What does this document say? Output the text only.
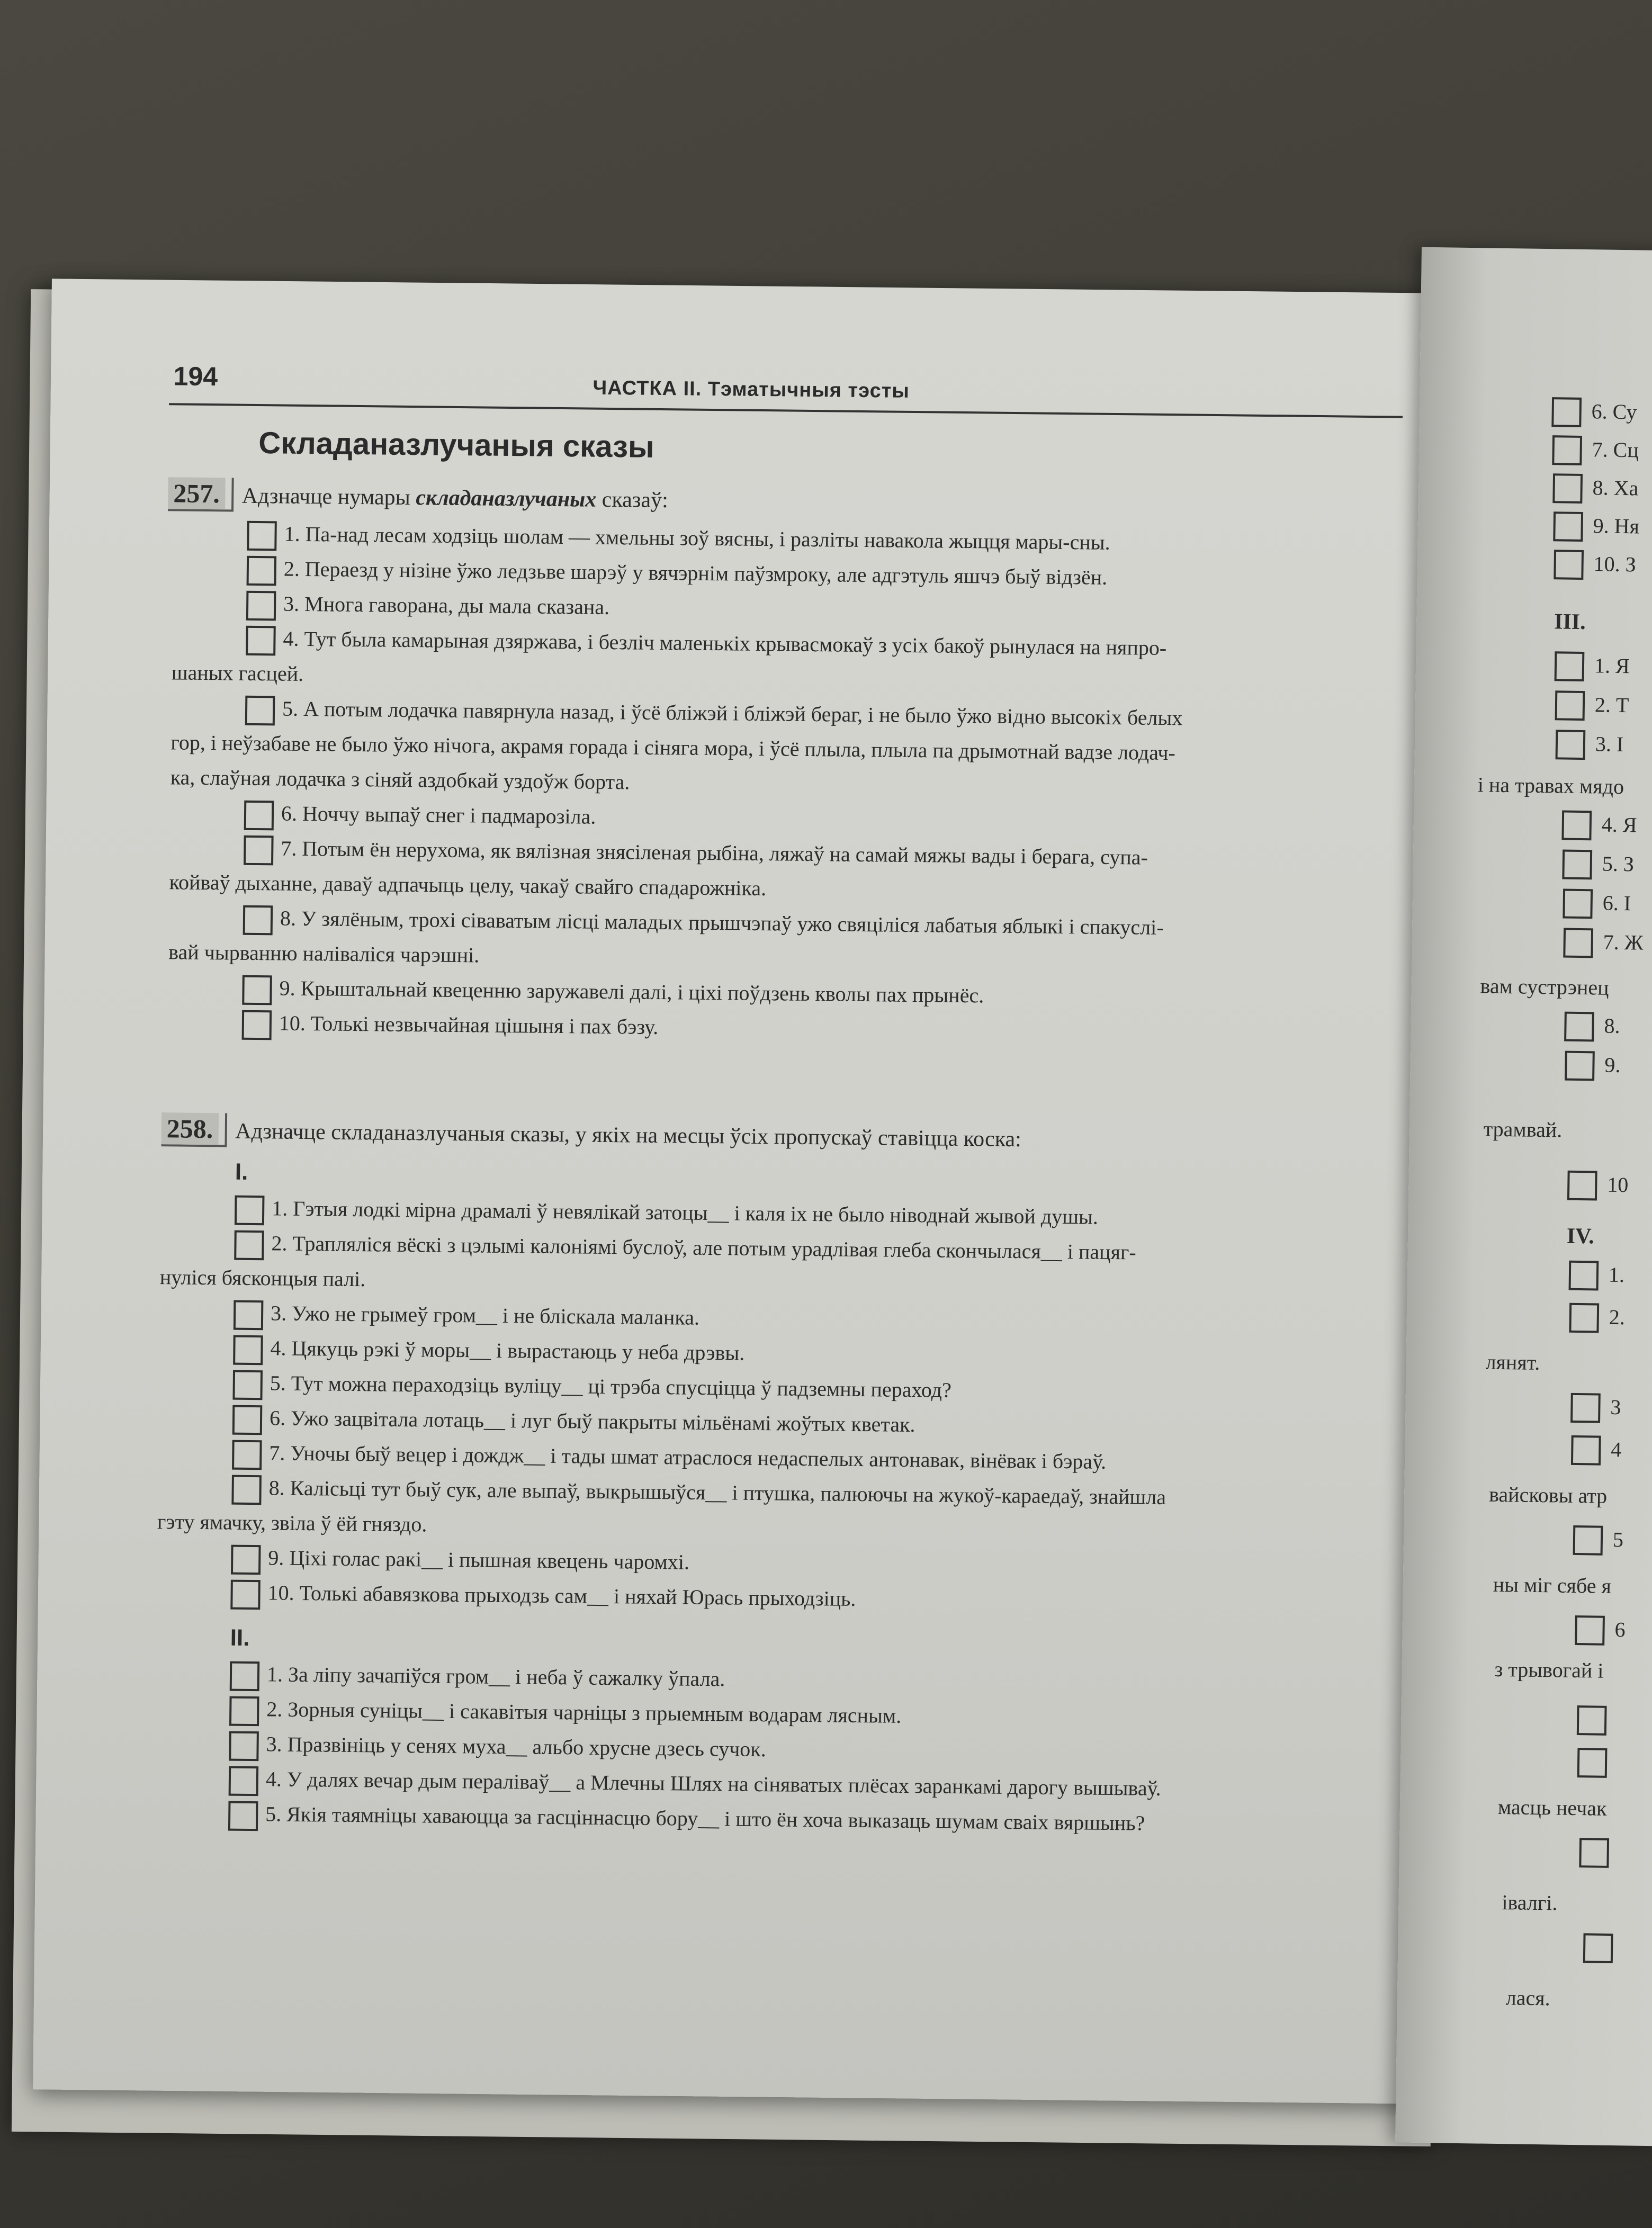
6. Су
7. Сц
8. Ха
9. Ня
10. З
III.
1. Я
2. Т
3. І
і на травах мядо
4. Я
5. З
6. І
7. Ж
вам сустрэнец
8.
9.
трамвай.
10
IV.
1.
2.
лянят.
3
4
вайсковы атр
5
ны міг сябе я
6
з трывогай і
масць нечак
івалгі.
лася.
194	ЧАСТКА II. Тэматычныя тэсты
Складаназлучаныя сказы
257. Адзначце нумары складаназлучаных сказаў:
1. Па-над лесам ходзіць шолам — хмельны зоў вясны, і разліты навакола жыцця мары-сны.
2. Пераезд у нізіне ўжо ледзьве шарэў у вячэрнім паўзмроку, але адгэтуль яшчэ быў відзён.
3. Многа гаворана, ды мала сказана.
4. Тут была камарыная дзяржава, і безліч маленькіх крывасмокаў з усіх бакоў рынулася на няпро-
шаных гасцей.
5. А потым лодачка павярнула назад, і ўсё бліжэй і бліжэй бераг, і не было ўжо відно высокіх белых
гор, і неўзабаве не было ўжо нічога, акрамя горада і сіняга мора, і ўсё плыла, плыла па дрымотнай вадзе лодач-
ка, слаўная лодачка з сіняй аздобкай уздоўж борта.
6. Ноччу выпаў снег і падмарозіла.
7. Потым ён нерухома, як вялізная знясіленая рыбіна, ляжаў на самай мяжы вады і берага, супа-
койваў дыханне, даваў адпачыць целу, чакаў свайго спадарожніка.
8. У зялёным, трохі сіваватым лісці маладых прышчэпаў ужо свяціліся лабатыя яблыкі і спакуслі-
вай чырванню наліваліся чарэшні.
9. Крыштальнай квеценню заружавелі далі, і ціхі поўдзень кволы пах прынёс.
10. Толькі незвычайная цішыня і пах бэзу.
258. Адзначце складаназлучаныя сказы, у якіх на месцы ўсіх пропускаў ставіцца коска:
I.
1. Гэтыя лодкі мірна драмалі ў невялікай затоцы__ і каля іх не было ніводнай жывой душы.
2. Трапляліся вёскі з цэлымі калоніямі буслоў, але потым урадлівая глеба скончылася__ і пацяг-
нуліся бясконцыя палі.
3. Ужо не грымеў гром__ і не бліскала маланка.
4. Цякуць рэкі ў моры__ і вырастаюць у неба дрэвы.
5. Тут можна пераходзіць вуліцу__ ці трэба спусціцца ў падземны пераход?
6. Ужо зацвітала лотаць__ і луг быў пакрыты мільёнамі жоўтых кветак.
7. Уночы быў вецер і дождж__ і тады шмат атраслося недаспелых антонавак, вінёвак і бэраў.
8. Калісьці тут быў сук, але выпаў, выкрышыўся__ і птушка, палюючы на жукоў-караедаў, знайшла
гэту ямачку, звіла ў ёй гняздо.
9. Ціхі голас ракі__ і пышная квецень чаромхі.
10. Толькі абавязкова прыходзь сам__ і няхай Юрась прыходзіць.
II.
1. За ліпу зачапіўся гром__ і неба ў сажалку ўпала.
2. Зорныя суніцы__ і сакавітыя чарніцы з прыемным водарам лясным.
3. Празвініць у сенях муха__ альбо хрусне дзесь сучок.
4. У далях вечар дым пераліваў__ а Млечны Шлях на сіняватых плёсах заранкамі дарогу вышываў.
5. Якія таямніцы хаваюцца за гасціннасцю бору__ і што ён хоча выказаць шумам сваіх вяршынь?
